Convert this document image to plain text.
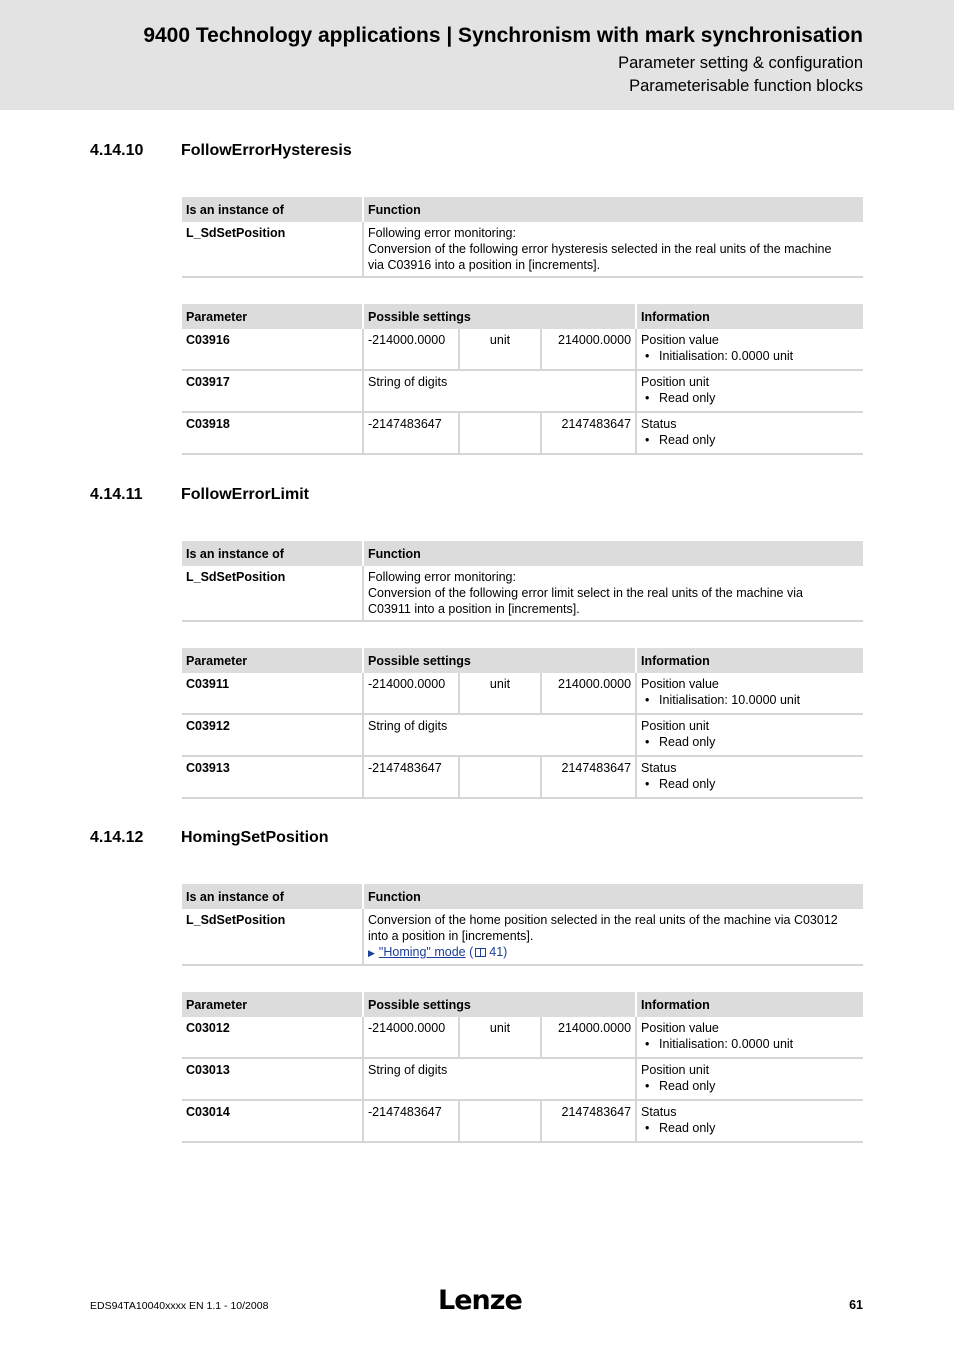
9400 Technology applications | Synchronism with mark synchronisation
Parameter setting & configuration
Parameterisable function blocks
4.14.10 FollowErrorHysteresis
Is an instance of	Function
L_SdSetPosition	Following error monitoring:
Conversion of the following error hysteresis selected in the real units of the machine
via C03916 into a position in [increments].
Parameter	Possible settings			Information
C03916	-214000.0000	unit	214000.0000	Position value
• Initialisation: 0.0000 unit

C03917	String of digits			Position unit
• Read only

C03918	-2147483647		2147483647	Status
• Read only
4.14.11 FollowErrorLimit
Is an instance of	Function
L_SdSetPosition	Following error monitoring:
Conversion of the following error limit select in the real units of the machine via
C03911 into a position in [increments].
Parameter	Possible settings			Information
C03911	-214000.0000	unit	214000.0000	Position value
• Initialisation: 10.0000 unit

C03912	String of digits			Position unit
• Read only

C03913	-2147483647		2147483647	Status
• Read only
4.14.12 HomingSetPosition
Is an instance of	Function
L_SdSetPosition	Conversion of the home position selected in the real units of the machine via C03012
into a position in [increments].
▶ "Homing" mode ( 41)
Parameter	Possible settings			Information
C03012	-214000.0000	unit	214000.0000	Position value
• Initialisation: 0.0000 unit

C03013	String of digits			Position unit
• Read only

C03014	-2147483647		2147483647	Status
• Read only
EDS94TA10040xxxx EN 1.1 - 10/2008	Lenze	61
